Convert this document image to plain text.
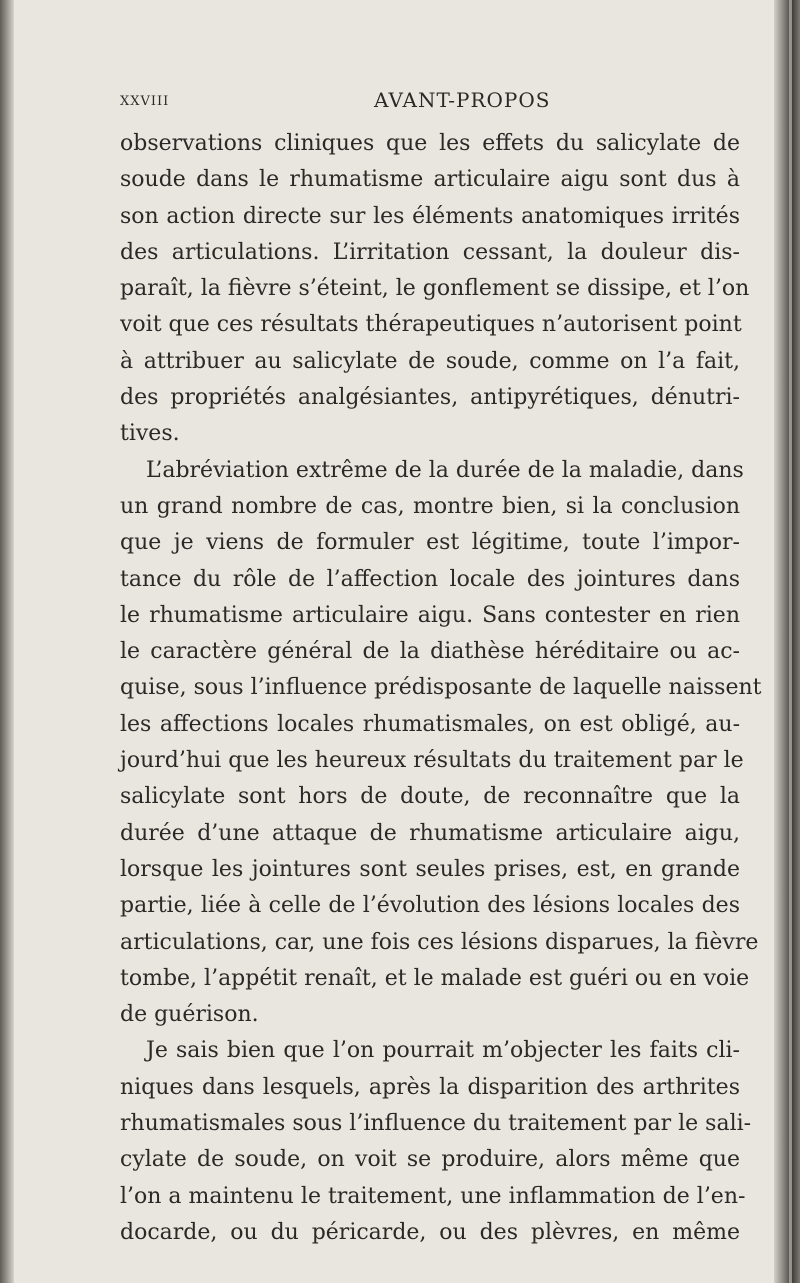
XXVIII	AVANT-PROPOS
observations cliniques que les effets du salicylate de
soude dans le rhumatisme articulaire aigu sont dus à
son action directe sur les éléments anatomiques irrités
des articulations. L’irritation cessant, la douleur dis-
paraît, la fièvre s’éteint, le gonflement se dissipe, et l’on
voit que ces résultats thérapeutiques n’autorisent point
à attribuer au salicylate de soude, comme on l’a fait,
des propriétés analgésiantes, antipyrétiques, dénutri-
tives.
L’abréviation extrême de la durée de la maladie, dans
un grand nombre de cas, montre bien, si la conclusion
que je viens de formuler est légitime, toute l’impor-
tance du rôle de l’affection locale des jointures dans
le rhumatisme articulaire aigu. Sans contester en rien
le caractère général de la diathèse héréditaire ou ac-
quise, sous l’influence prédisposante de laquelle naissent
les affections locales rhumatismales, on est obligé, au-
jourd’hui que les heureux résultats du traitement par le
salicylate sont hors de doute, de reconnaître que la
durée d’une attaque de rhumatisme articulaire aigu,
lorsque les jointures sont seules prises, est, en grande
partie, liée à celle de l’évolution des lésions locales des
articulations, car, une fois ces lésions disparues, la fièvre
tombe, l’appétit renaît, et le malade est guéri ou en voie
de guérison.
Je sais bien que l’on pourrait m’objecter les faits cli-
niques dans lesquels, après la disparition des arthrites
rhumatismales sous l’influence du traitement par le sali-
cylate de soude, on voit se produire, alors même que
l’on a maintenu le traitement, une inflammation de l’en-
docarde, ou du péricarde, ou des plèvres, en même
